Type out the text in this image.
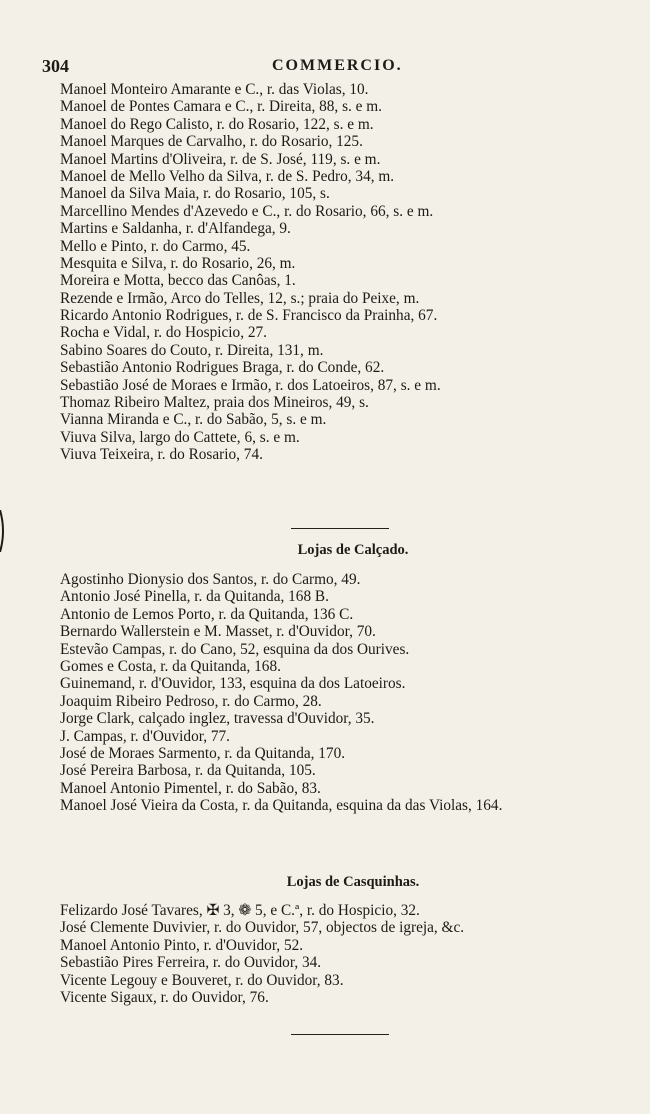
304	COMMERCIO.
Manoel Monteiro Amarante e C., r. das Violas, 10.
Manoel de Pontes Camara e C., r. Direita, 88, s. e m.
Manoel do Rego Calisto, r. do Rosario, 122, s. e m.
Manoel Marques de Carvalho, r. do Rosario, 125.
Manoel Martins d'Oliveira, r. de S. José, 119, s. e m.
Manoel de Mello Velho da Silva, r. de S. Pedro, 34, m.
Manoel da Silva Maia, r. do Rosario, 105, s.
Marcellino Mendes d'Azevedo e C., r. do Rosario, 66, s. e m.
Martins e Saldanha, r. d'Alfandega, 9.
Mello e Pinto, r. do Carmo, 45.
Mesquita e Silva, r. do Rosario, 26, m.
Moreira e Motta, becco das Canôas, 1.
Rezende e Irmão, Arco do Telles, 12, s.; praia do Peixe, m.
Ricardo Antonio Rodrigues, r. de S. Francisco da Prainha, 67.
Rocha e Vidal, r. do Hospicio, 27.
Sabino Soares do Couto, r. Direita, 131, m.
Sebastião Antonio Rodrigues Braga, r. do Conde, 62.
Sebastião José de Moraes e Irmão, r. dos Latoeiros, 87, s. e m.
Thomaz Ribeiro Maltez, praia dos Mineiros, 49, s.
Vianna Miranda e C., r. do Sabão, 5, s. e m.
Viuva Silva, largo do Cattete, 6, s. e m.
Viuva Teixeira, r. do Rosario, 74.
Lojas de Calçado.
Agostinho Dionysio dos Santos, r. do Carmo, 49.
Antonio José Pinella, r. da Quitanda, 168 B.
Antonio de Lemos Porto, r. da Quitanda, 136 C.
Bernardo Wallerstein e M. Masset, r. d'Ouvidor, 70.
Estevão Campas, r. do Cano, 52, esquina da dos Ourives.
Gomes e Costa, r. da Quitanda, 168.
Guinemand, r. d'Ouvidor, 133, esquina da dos Latoeiros.
Joaquim Ribeiro Pedroso, r. do Carmo, 28.
Jorge Clark, calçado inglez, travessa d'Ouvidor, 35.
J. Campas, r. d'Ouvidor, 77.
José de Moraes Sarmento, r. da Quitanda, 170.
José Pereira Barbosa, r. da Quitanda, 105.
Manoel Antonio Pimentel, r. do Sabão, 83.
Manoel José Vieira da Costa, r. da Quitanda, esquina da das Violas, 164.
Lojas de Casquinhas.
Felizardo José Tavares, ✠ 3, ❁ 5, e C.ª, r. do Hospicio, 32.
José Clemente Duvivier, r. do Ouvidor, 57, objectos de igreja, &c.
Manoel Antonio Pinto, r. d'Ouvidor, 52.
Sebastião Pires Ferreira, r. do Ouvidor, 34.
Vicente Legouy e Bouveret, r. do Ouvidor, 83.
Vicente Sigaux, r. do Ouvidor, 76.
